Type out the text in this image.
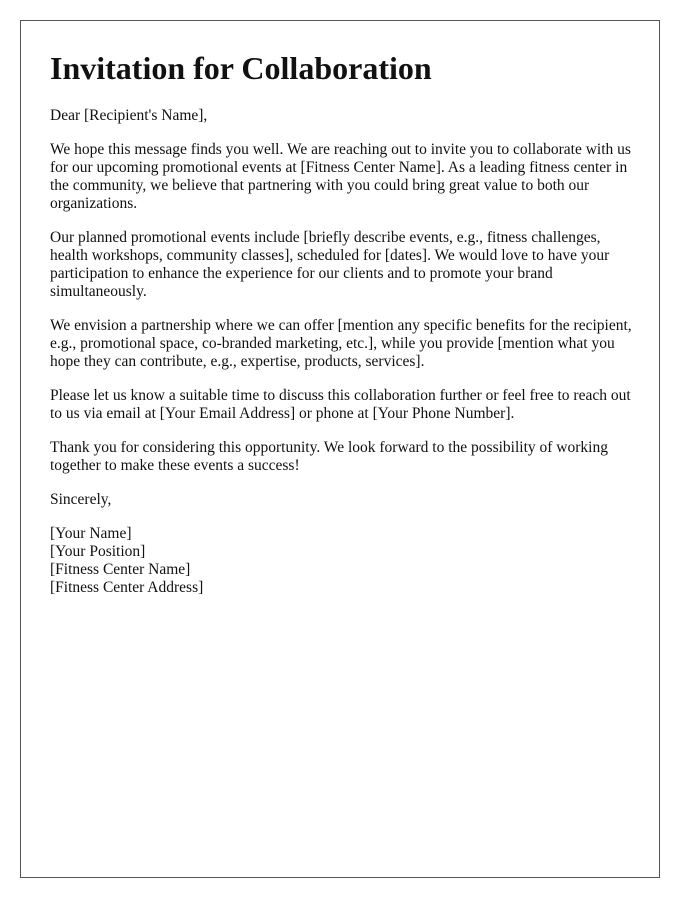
Invitation for Collaboration

Dear [Recipient's Name],

We hope this message finds you well. We are reaching out to invite you to collaborate with us for our upcoming promotional events at [Fitness Center Name]. As a leading fitness center in the community, we believe that partnering with you could bring great value to both our organizations.

Our planned promotional events include [briefly describe events, e.g., fitness challenges, health workshops, community classes], scheduled for [dates]. We would love to have your participation to enhance the experience for our clients and to promote your brand simultaneously.

We envision a partnership where we can offer [mention any specific benefits for the recipient, e.g., promotional space, co-branded marketing, etc.], while you provide [mention what you hope they can contribute, e.g., expertise, products, services].

Please let us know a suitable time to discuss this collaboration further or feel free to reach out to us via email at [Your Email Address] or phone at [Your Phone Number].

Thank you for considering this opportunity. We look forward to the possibility of working together to make these events a success!

Sincerely,

[Your Name]
[Your Position]
[Fitness Center Name]
[Fitness Center Address]
